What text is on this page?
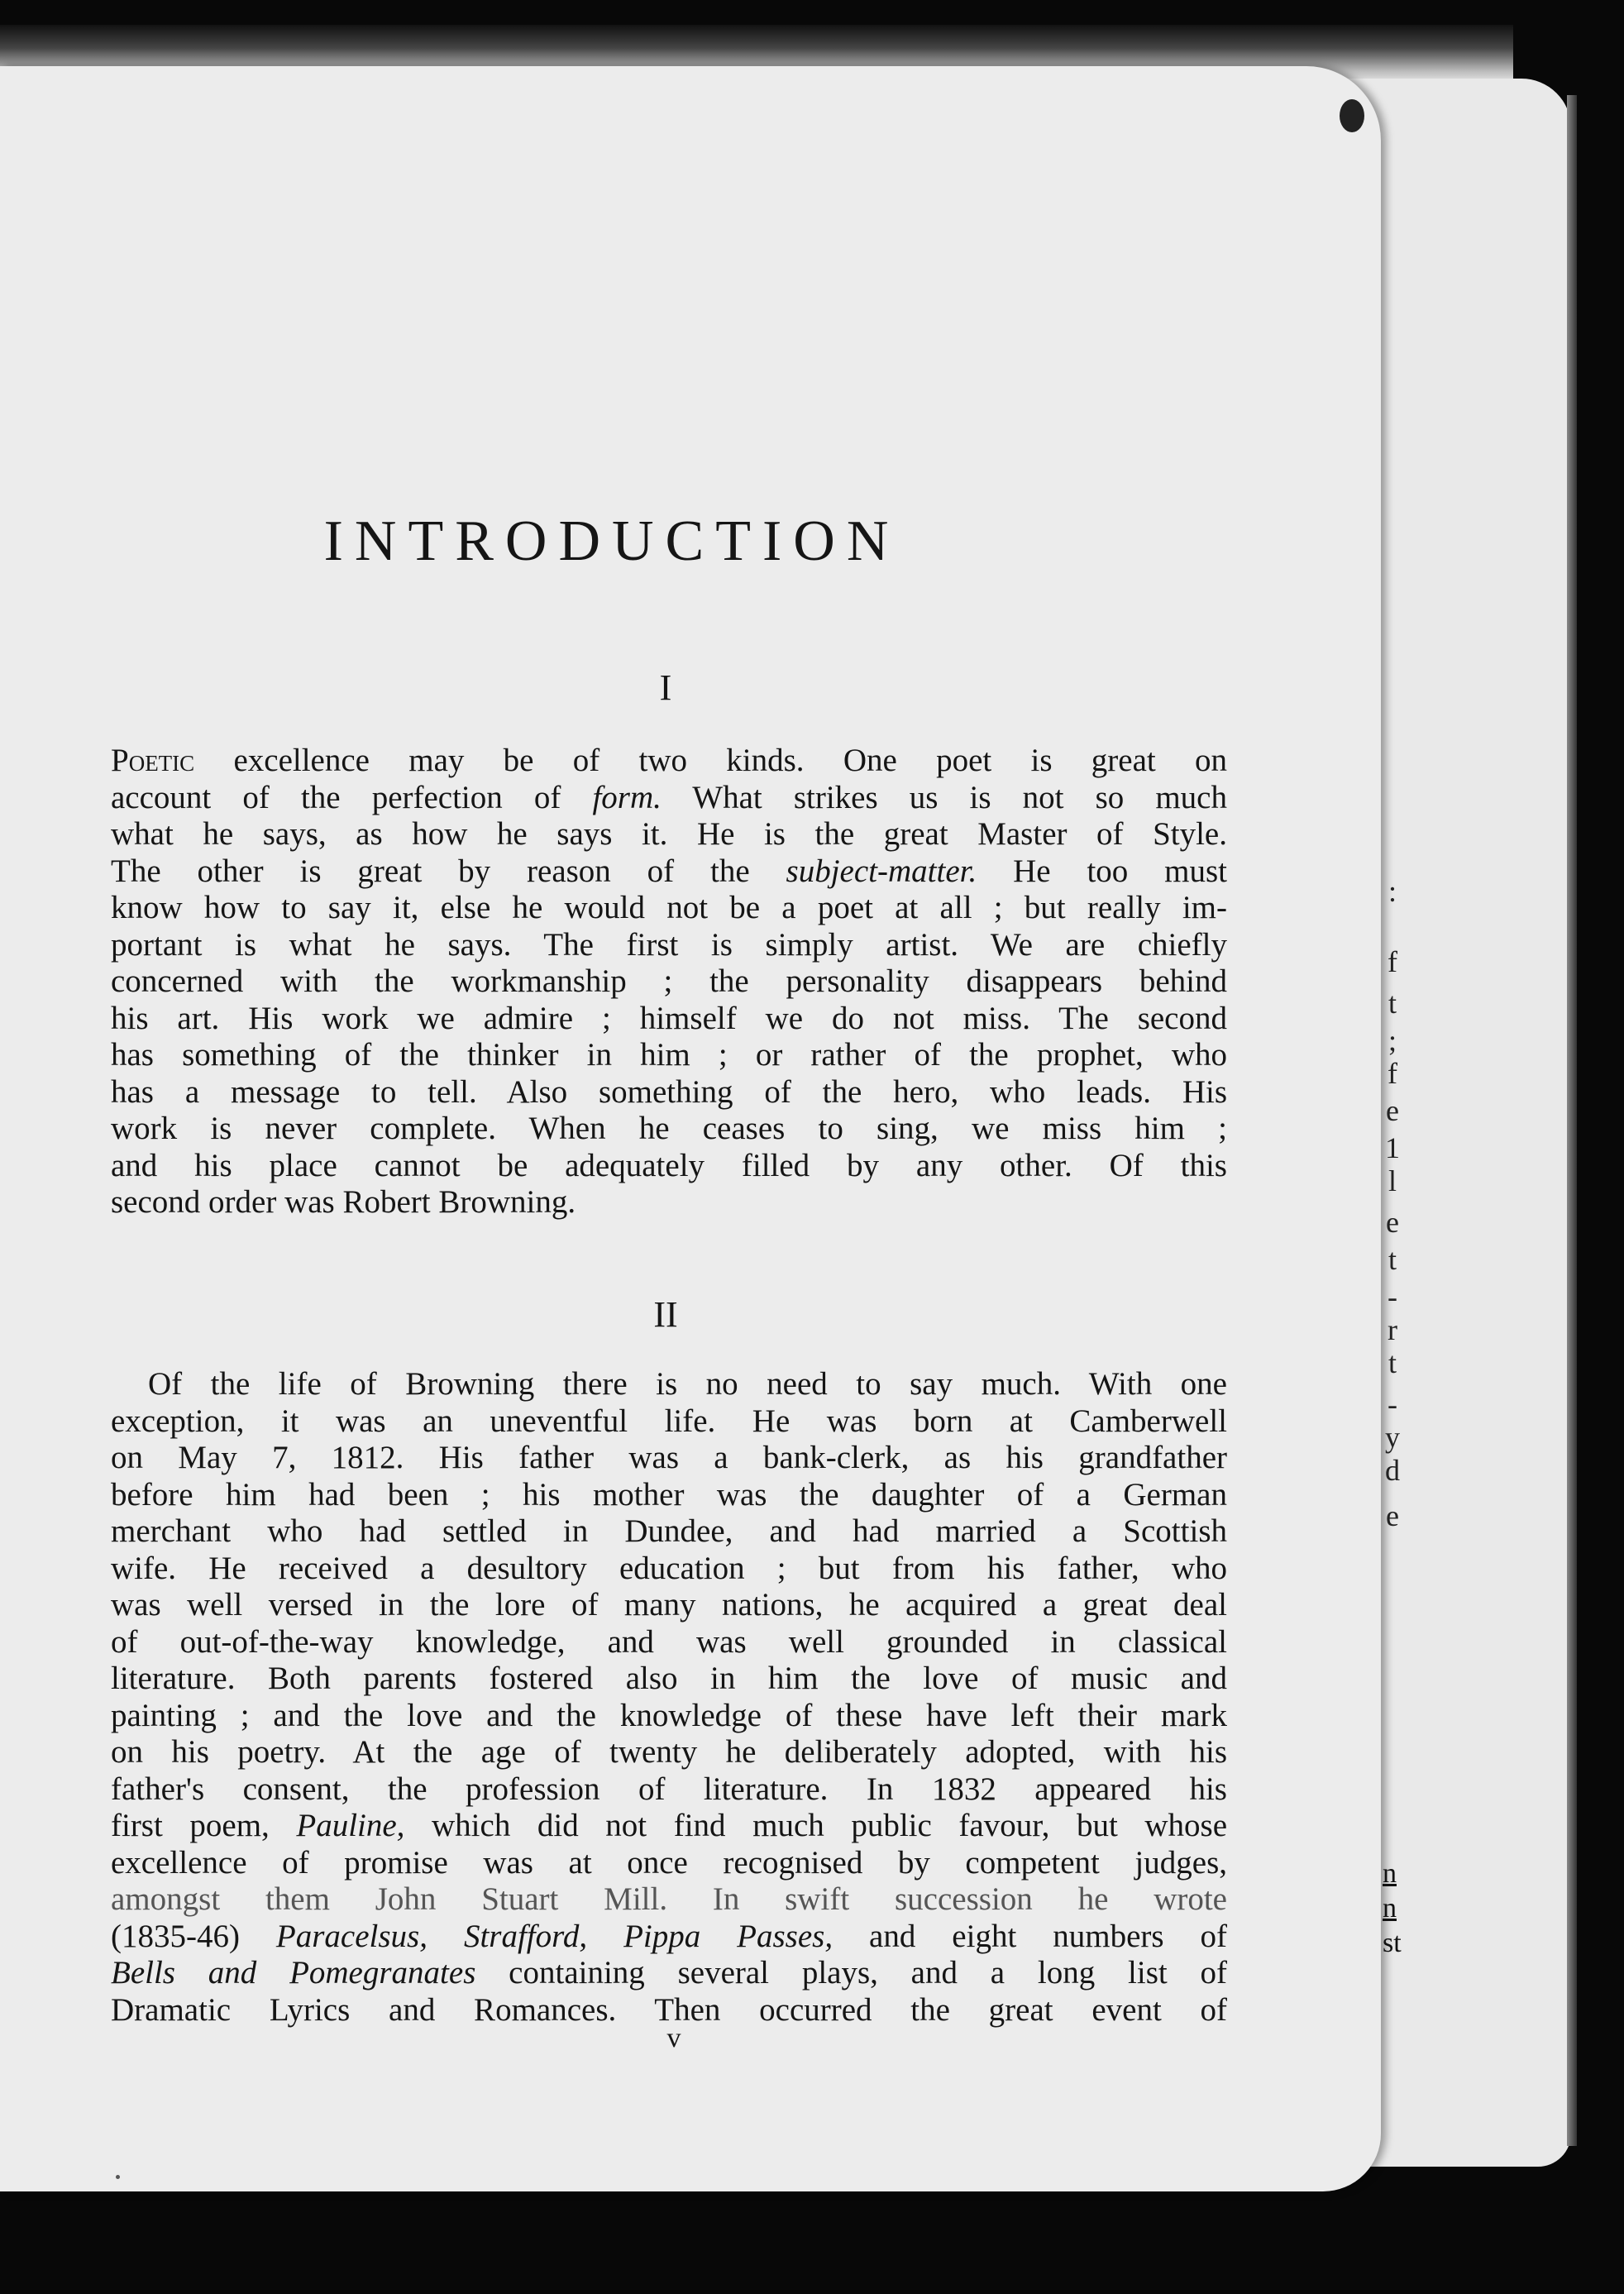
INTRODUCTION
I
Poetic excellence may be of two kinds. One poet is great on
account of the perfection of form. What strikes us is not so much
what he says, as how he says it. He is the great Master of Style.
The other is great by reason of the subject-matter. He too must
know how to say it, else he would not be a poet at all ; but really im-
portant is what he says. The first is simply artist. We are chiefly
concerned with the workmanship ; the personality disappears behind
his art. His work we admire ; himself we do not miss. The second
has something of the thinker in him ; or rather of the prophet, who
has a message to tell. Also something of the hero, who leads. His
work is never complete. When he ceases to sing, we miss him ;
and his place cannot be adequately filled by any other. Of this
second order was Robert Browning.
II
Of the life of Browning there is no need to say much. With one
exception, it was an uneventful life. He was born at Camberwell
on May 7, 1812. His father was a bank-clerk, as his grandfather
before him had been ; his mother was the daughter of a German
merchant who had settled in Dundee, and had married a Scottish
wife. He received a desultory education ; but from his father, who
was well versed in the lore of many nations, he acquired a great deal
of out-of-the-way knowledge, and was well grounded in classical
literature. Both parents fostered also in him the love of music and
painting ; and the love and the knowledge of these have left their mark
on his poetry. At the age of twenty he deliberately adopted, with his
father's consent, the profession of literature. In 1832 appeared his
first poem, Pauline, which did not find much public favour, but whose
excellence of promise was at once recognised by competent judges,
amongst them John Stuart Mill. In swift succession he wrote
(1835-46) Paracelsus, Strafford, Pippa Passes, and eight numbers of
Bells and Pomegranates containing several plays, and a long list of
Dramatic Lyrics and Romances. Then occurred the great event of
v
:
f
t
;
f
e
1
l
e
t
-
r
t
-
y
d
e
n
n
st
